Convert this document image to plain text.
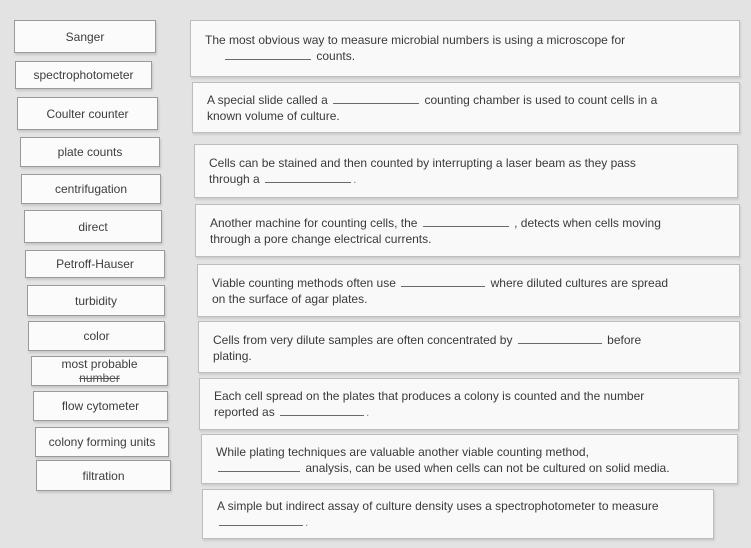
Sanger
spectrophotometer
Coulter counter
plate counts
centrifugation
direct
Petroff-Hauser
turbidity
color
most probable
number
flow cytometer
colony forming units
filtration
The most obvious way to measure microbial numbers is using a microscope for
counts.
A special slide called a	counting chamber is used to count cells in a
known volume of culture.
Cells can be stained and then counted by interrupting a laser beam as they pass
through a	.
Another machine for counting cells, the	, detects when cells moving
through a pore change electrical currents.
Viable counting methods often use	where diluted cultures are spread
on the surface of agar plates.
Cells from very dilute samples are often concentrated by	before
plating.
Each cell spread on the plates that produces a colony is counted and the number
reported as	.
While plating techniques are valuable another viable counting method,
analysis, can be used when cells can not be cultured on solid media.
A simple but indirect assay of culture density uses a spectrophotometer to measure
.
